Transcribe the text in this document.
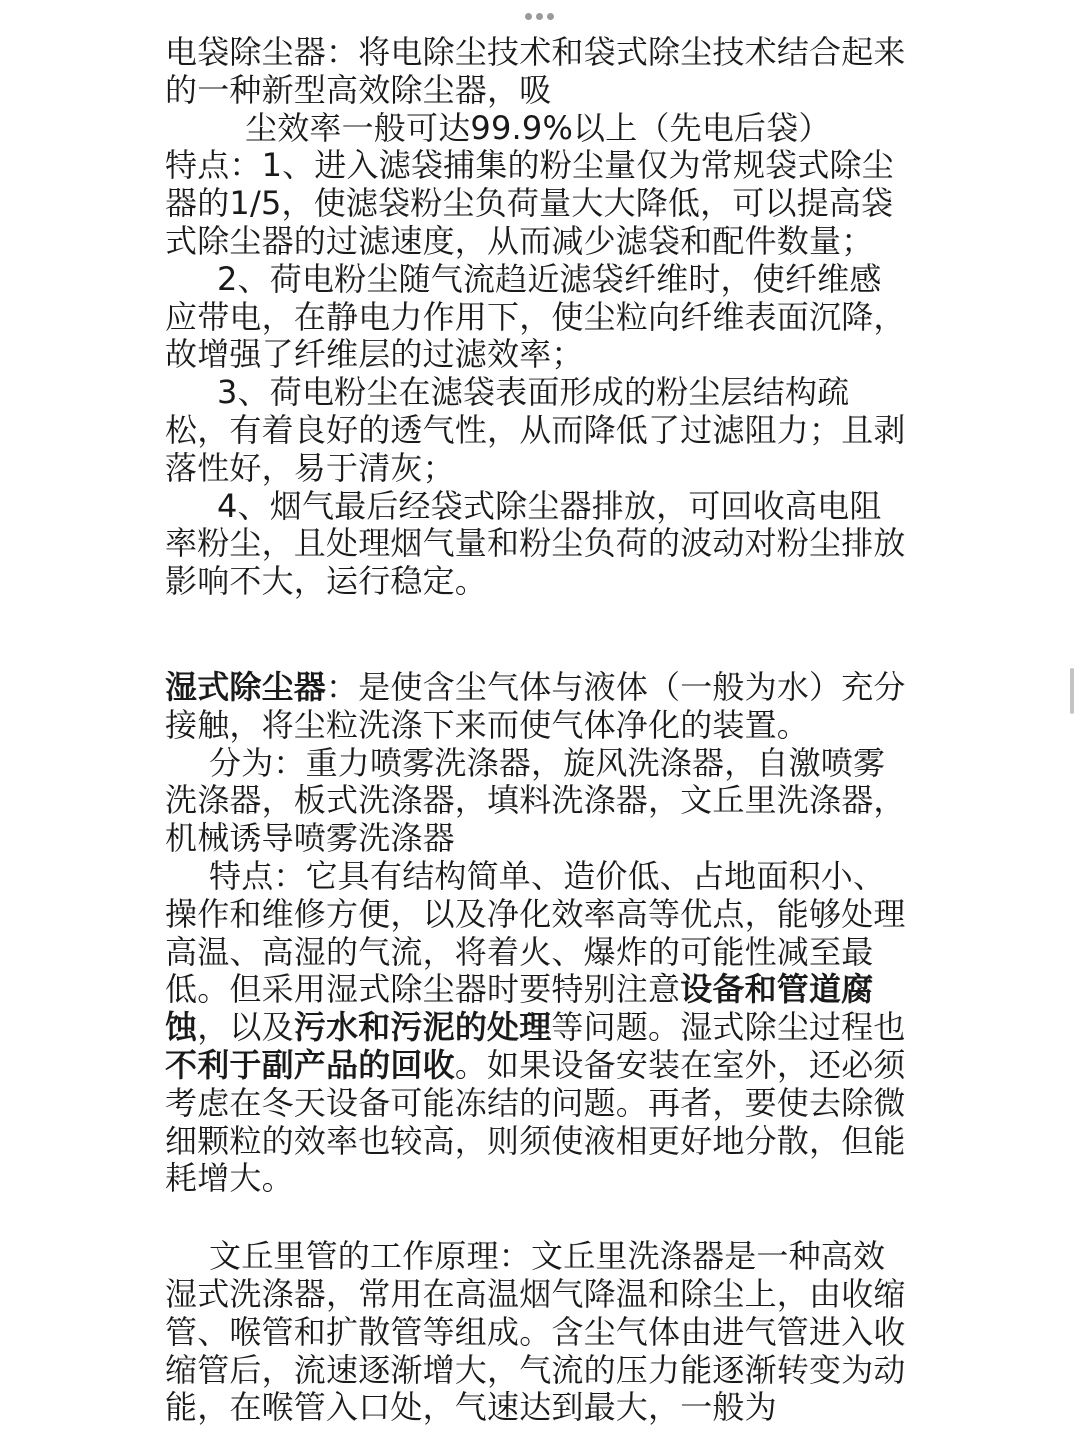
电袋除尘器：将电除尘技术和袋式除尘技术结合起来
的一种新型高效除尘器，吸
尘效率一般可达99.9%以上（先电后袋）
特点：1、进入滤袋捕集的粉尘量仅为常规袋式除尘
器的1/5，使滤袋粉尘负荷量大大降低，可以提高袋
式除尘器的过滤速度，从而减少滤袋和配件数量；
2、荷电粉尘随气流趋近滤袋纤维时，使纤维感
应带电，在静电力作用下，使尘粒向纤维表面沉降，
故增强了纤维层的过滤效率；
3、荷电粉尘在滤袋表面形成的粉尘层结构疏
松，有着良好的透气性，从而降低了过滤阻力；且剥
落性好，易于清灰；
4、烟气最后经袋式除尘器排放，可回收高电阻
率粉尘，且处理烟气量和粉尘负荷的波动对粉尘排放
影响不大，运行稳定。
湿式除尘器：是使含尘气体与液体（一般为水）充分
接触，将尘粒洗涤下来而使气体净化的装置。
分为：重力喷雾洗涤器，旋风洗涤器，自激喷雾
洗涤器，板式洗涤器，填料洗涤器，文丘里洗涤器，
机械诱导喷雾洗涤器
特点：它具有结构简单、造价低、占地面积小、
操作和维修方便，以及净化效率高等优点，能够处理
高温、高湿的气流，将着火、爆炸的可能性减至最
低。但采用湿式除尘器时要特别注意设备和管道腐
蚀，以及污水和污泥的处理等问题。湿式除尘过程也
不利于副产品的回收。如果设备安装在室外，还必须
考虑在冬天设备可能冻结的问题。再者，要使去除微
细颗粒的效率也较高，则须使液相更好地分散，但能
耗增大。
文丘里管的工作原理：文丘里洗涤器是一种高效
湿式洗涤器，常用在高温烟气降温和除尘上，由收缩
管、喉管和扩散管等组成。含尘气体由进气管进入收
缩管后，流速逐渐增大，气流的压力能逐渐转变为动
能，在喉管入口处，气速达到最大，一般为
